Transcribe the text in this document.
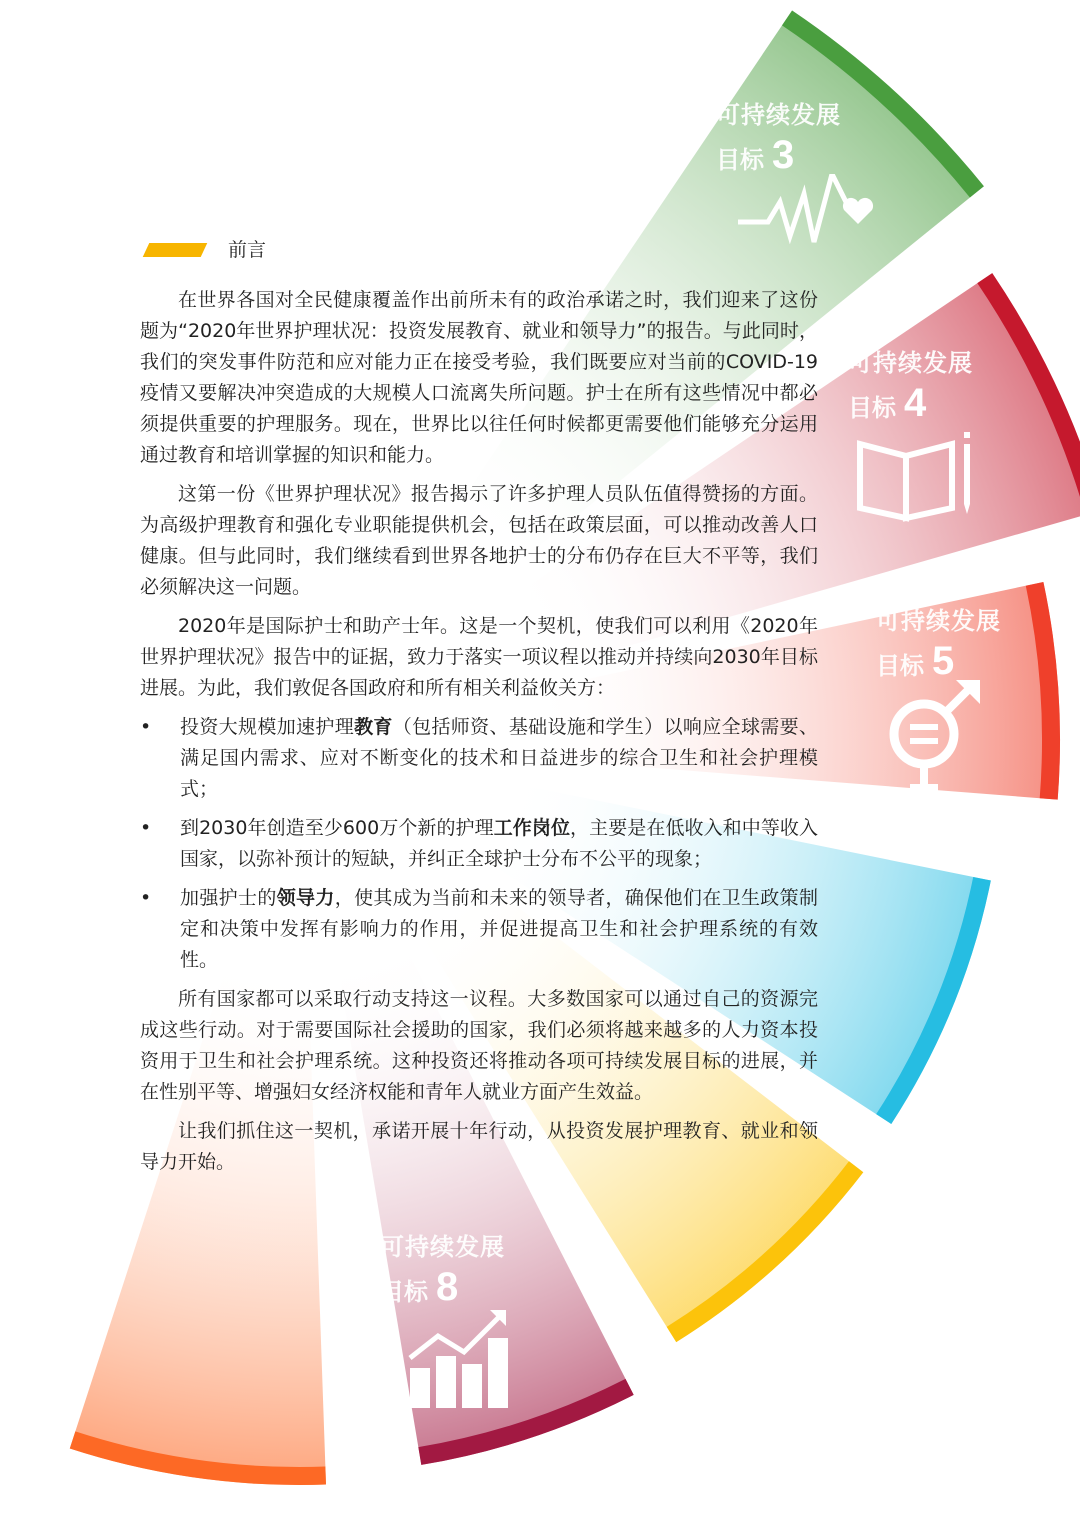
可持续发展
目标 3
可持续发展
目标 4
可持续发展
目标 5
可持续发展
目标 8
前言

在世界各国对全民健康覆盖作出前所未有的政治承诺之时，我们迎来了这份题为“2020年世界护理状况：投资发展教育、就业和领导力”的报告。与此同时，我们的突发事件防范和应对能力正在接受考验，我们既要应对当前的COVID-19疫情又要解决冲突造成的大规模人口流离失所问题。护士在所有这些情况中都必须提供重要的护理服务。现在，世界比以往任何时候都更需要他们能够充分运用通过教育和培训掌握的知识和能力。

这第一份《世界护理状况》报告揭示了许多护理人员队伍值得赞扬的方面。为高级护理教育和强化专业职能提供机会，包括在政策层面，可以推动改善人口健康。但与此同时，我们继续看到世界各地护士的分布仍存在巨大不平等，我们必须解决这一问题。

2020年是国际护士和助产士年。这是一个契机，使我们可以利用《2020年世界护理状况》报告中的证据，致力于落实一项议程以推动并持续向2030年目标进展。为此，我们敦促各国政府和所有相关利益攸关方：

• 投资大规模加速护理教育（包括师资、基础设施和学生）以响应全球需要、满足国内需求、应对不断变化的技术和日益进步的综合卫生和社会护理模式；
• 到2030年创造至少600万个新的护理工作岗位，主要是在低收入和中等收入国家，以弥补预计的短缺，并纠正全球护士分布不公平的现象；
• 加强护士的领导力，使其成为当前和未来的领导者，确保他们在卫生政策制定和决策中发挥有影响力的作用，并促进提高卫生和社会护理系统的有效性。

所有国家都可以采取行动支持这一议程。大多数国家可以通过自己的资源完成这些行动。对于需要国际社会援助的国家，我们必须将越来越多的人力资本投资用于卫生和社会护理系统。这种投资还将推动各项可持续发展目标的进展，并在性别平等、增强妇女经济权能和青年人就业方面产生效益。

让我们抓住这一契机，承诺开展十年行动，从投资发展护理教育、就业和领导力开始。
